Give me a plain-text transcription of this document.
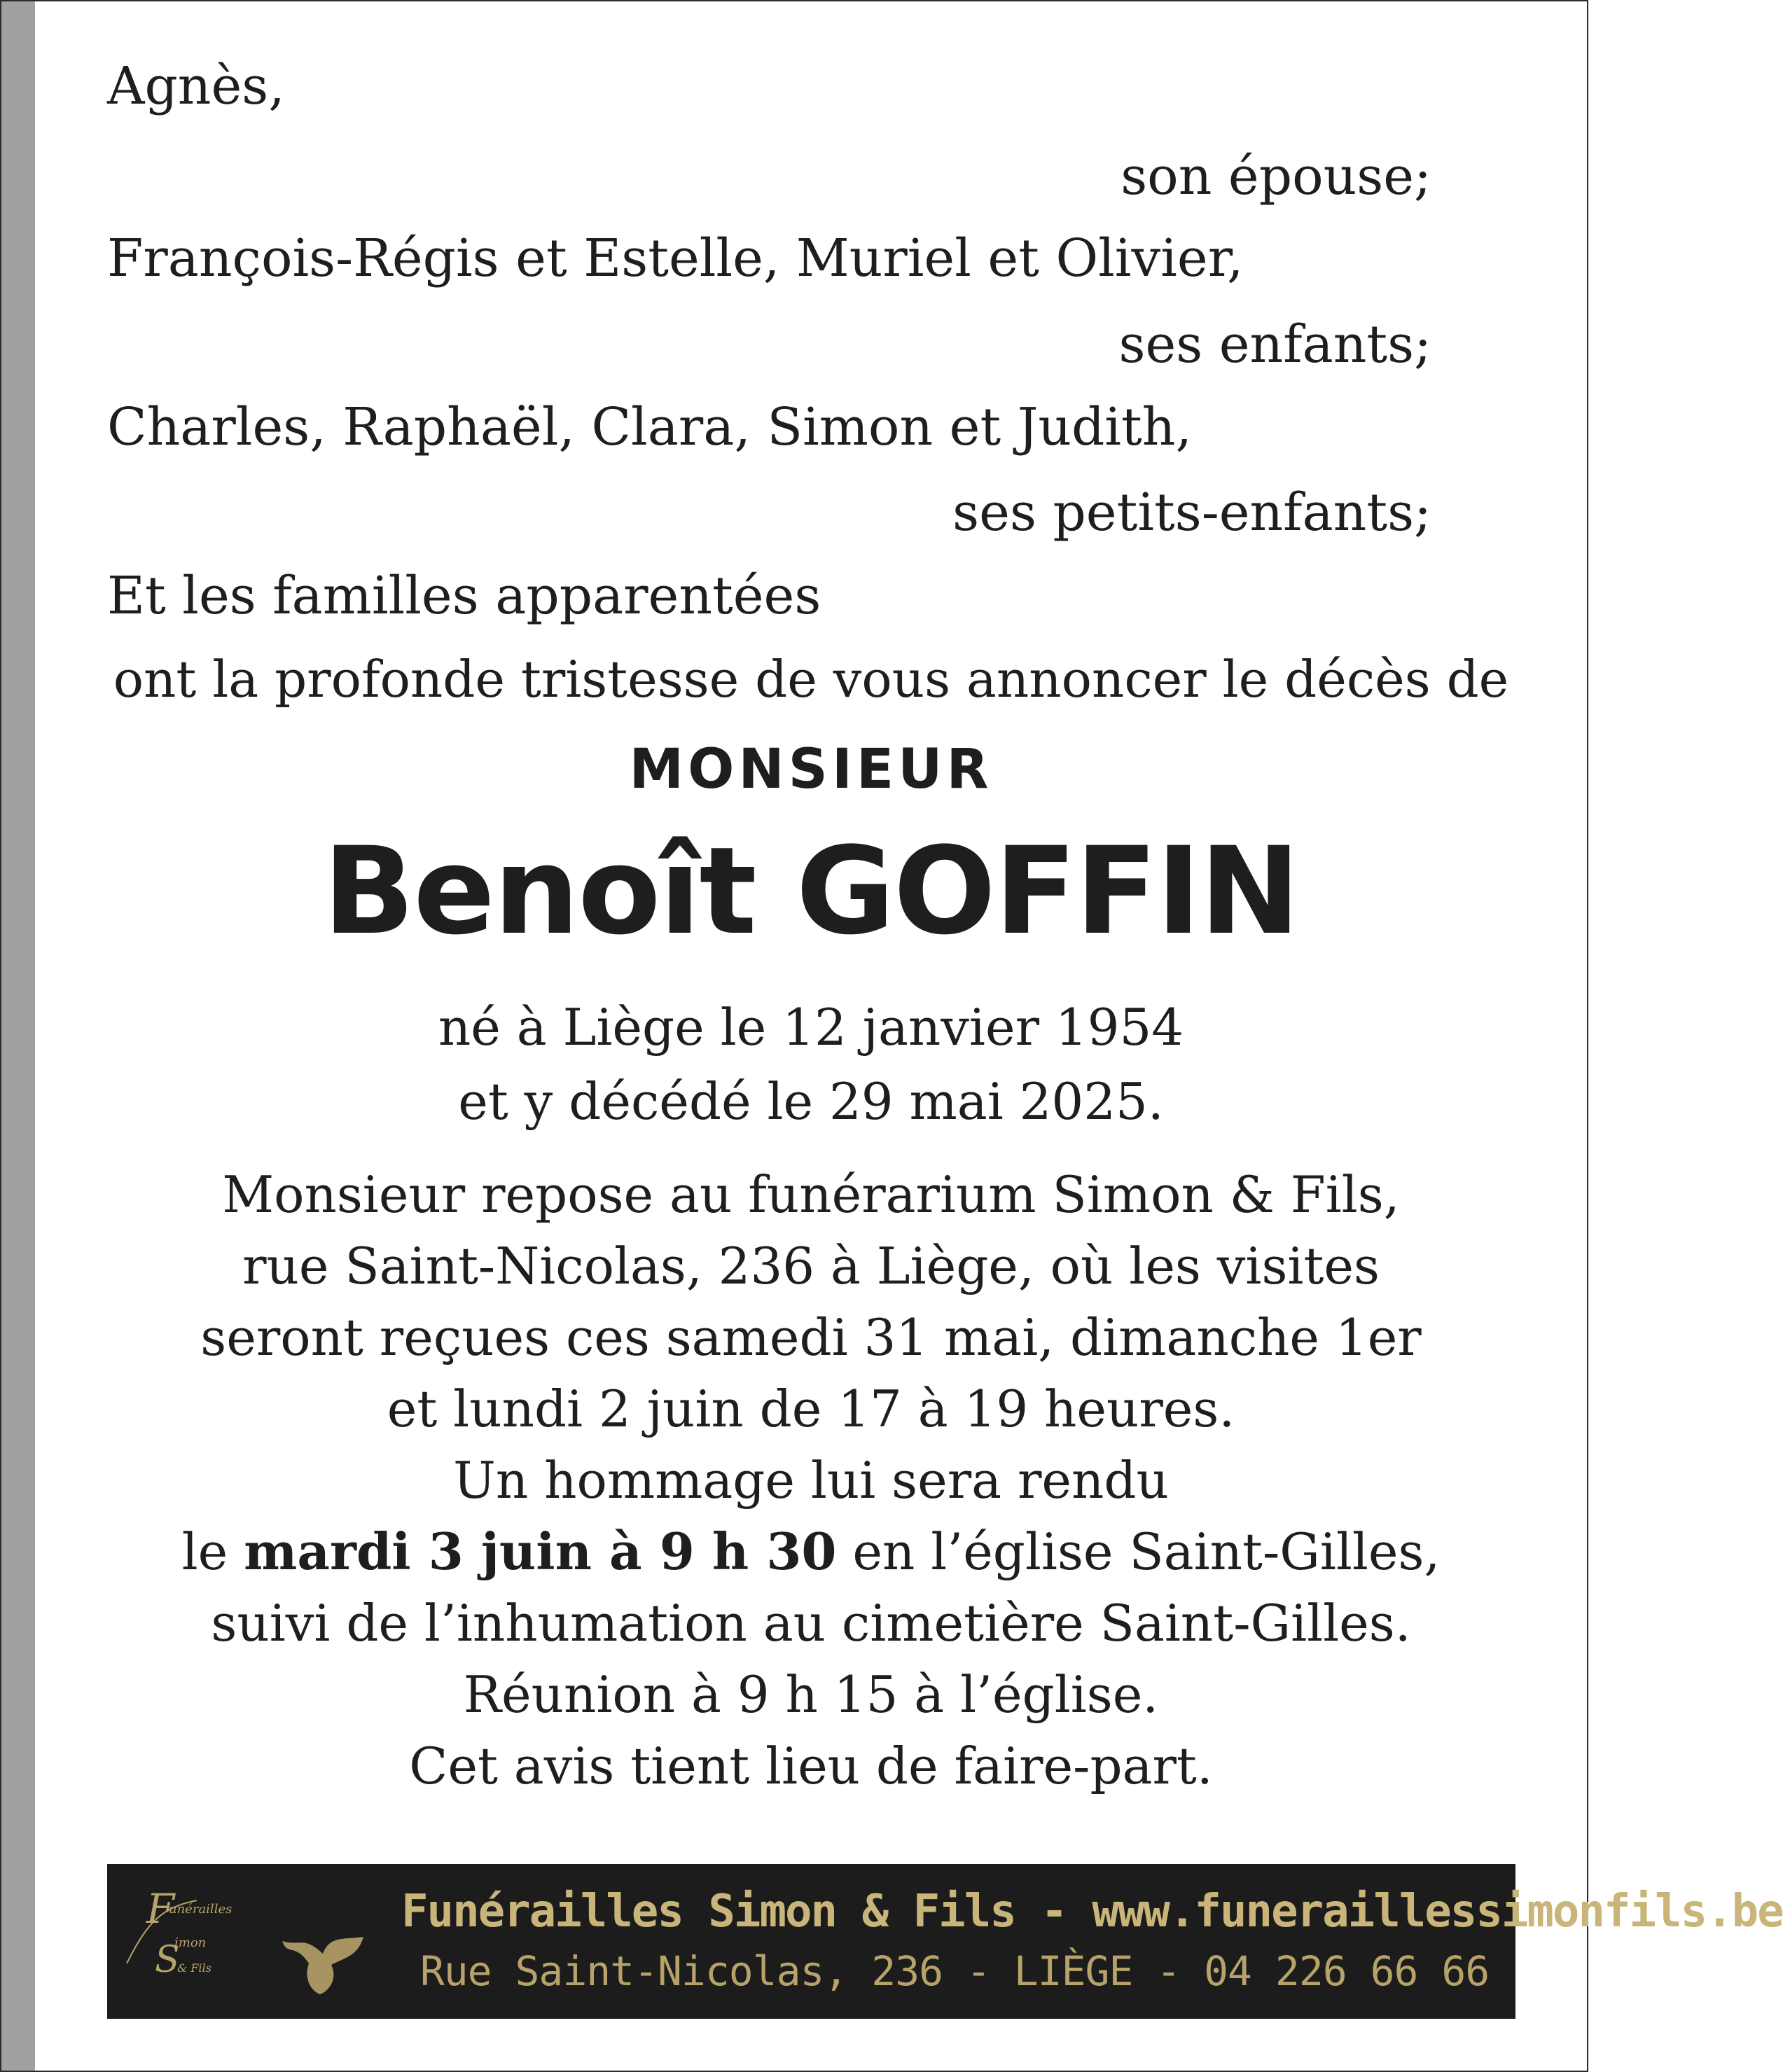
Agnès,
son épouse;
François-Régis et Estelle, Muriel et Olivier,
ses enfants;
Charles, Raphaël, Clara, Simon et Judith,
ses petits-enfants;
Et les familles apparentées
ont la profonde tristesse de vous annoncer le décès de
MONSIEUR
Benoît GOFFIN

né à Liège le 12 janvier 1954

et y décédé le 29 mai 2025.

Monsieur repose au funérarium Simon & Fils,

rue Saint-Nicolas, 236 à Liège, où les visites

seront reçues ces samedi 31 mai, dimanche 1er

et lundi 2 juin de 17 à 19 heures.

Un hommage lui sera rendu

le mardi 3 juin à 9 h 30 en l’église Saint-Gilles,

suivi de l’inhumation au cimetière Saint-Gilles.

Réunion à 9 h 15 à l’église.

Cet avis tient lieu de faire-part.

F
unérailles
imon
S
& Fils
Funérailles Simon & Fils - www.funeraillessimonfils.be
Rue Saint-Nicolas, 236 - LIÈGE - 04 226 66 66
